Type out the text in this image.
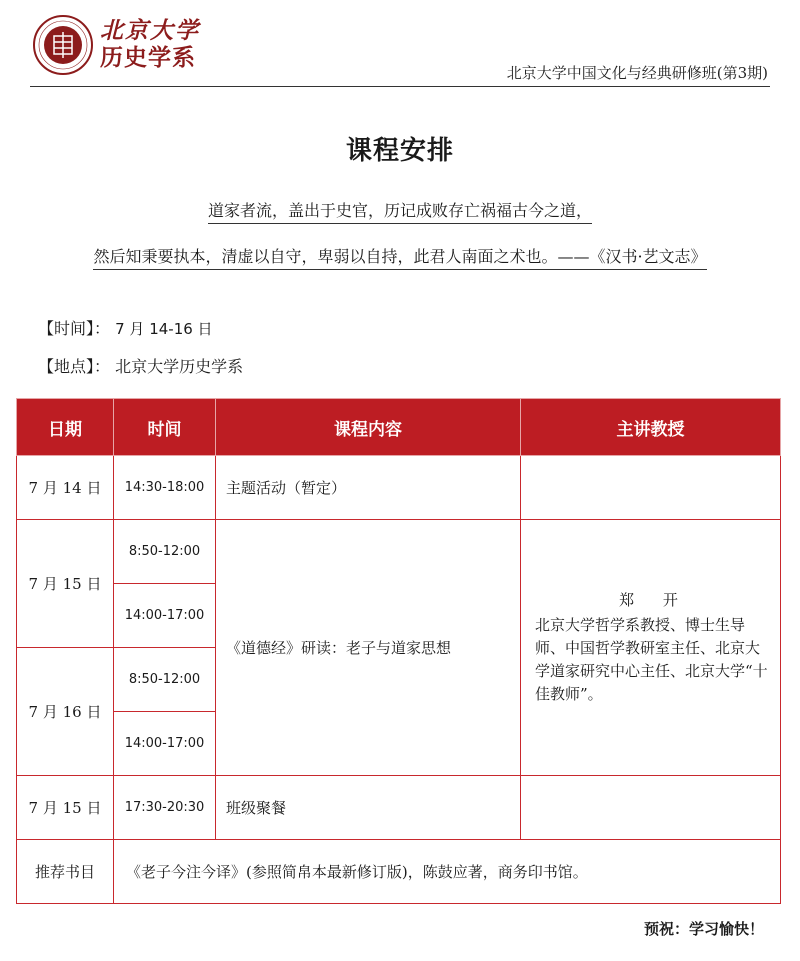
北京大学
历史学系
北京大学中国文化与经典研修班(第3期)
课程安排
道家者流，盖出于史官，历记成败存亡祸福古今之道，
然后知秉要执本，清虚以自守，卑弱以自持，此君人南面之术也。——《汉书·艺文志》
【时间】： 7 月 14-16 日
【地点】： 北京大学历史学系
日期	时间	课程内容	主讲教授
7 月 14 日	14:30-18:00	主题活动（暂定）	
7 月 15 日	8:50-12:00	《道德经》研读：老子与道家思想	郑 开
北京大学哲学系教授、博士生导师、中国哲学教研室主任、北京大学道家研究中心主任、北京大学“十佳教师”。
	14:00-17:00		
7 月 16 日	8:50-12:00		
	14:00-17:00		
7 月 15 日	17:30-20:30	班级聚餐	
推荐书目	《老子今注今译》(参照简帛本最新修订版)，陈鼓应著，商务印书馆。		
预祝：学习愉快！
